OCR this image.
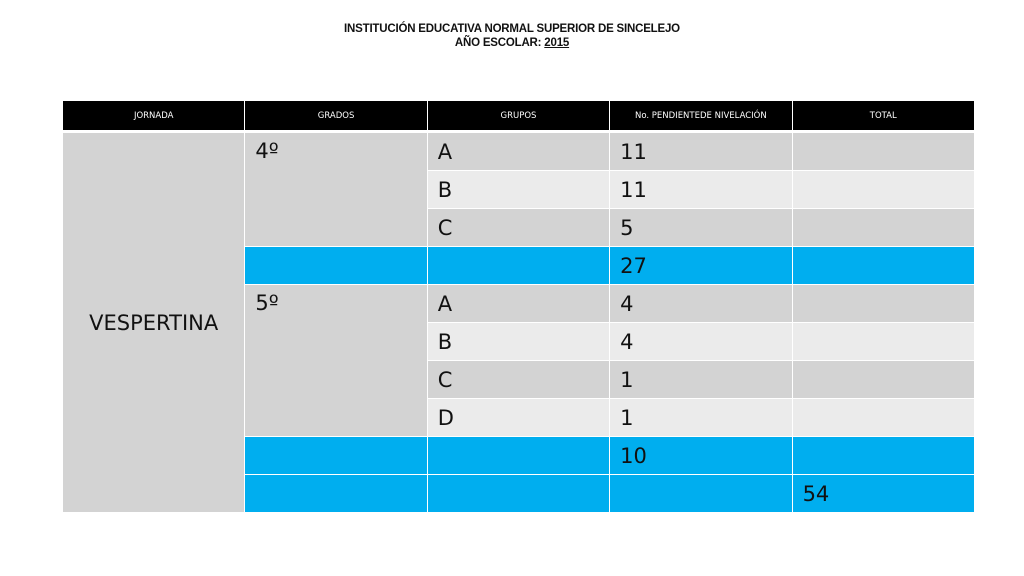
INSTITUCIÓN EDUCATIVA NORMAL SUPERIOR DE SINCELEJO
AÑO ESCOLAR: 2015
JORNADA	GRADOS	GRUPOS	No. PENDIENTEDE NIVELACIÓN	TOTAL	
VESPERTINA	4º	A	11		
		B	11		
		C	5		
			27		
	5º	A	4		
		B	4		
		C	1		
		D	1		
			10		
				54	
